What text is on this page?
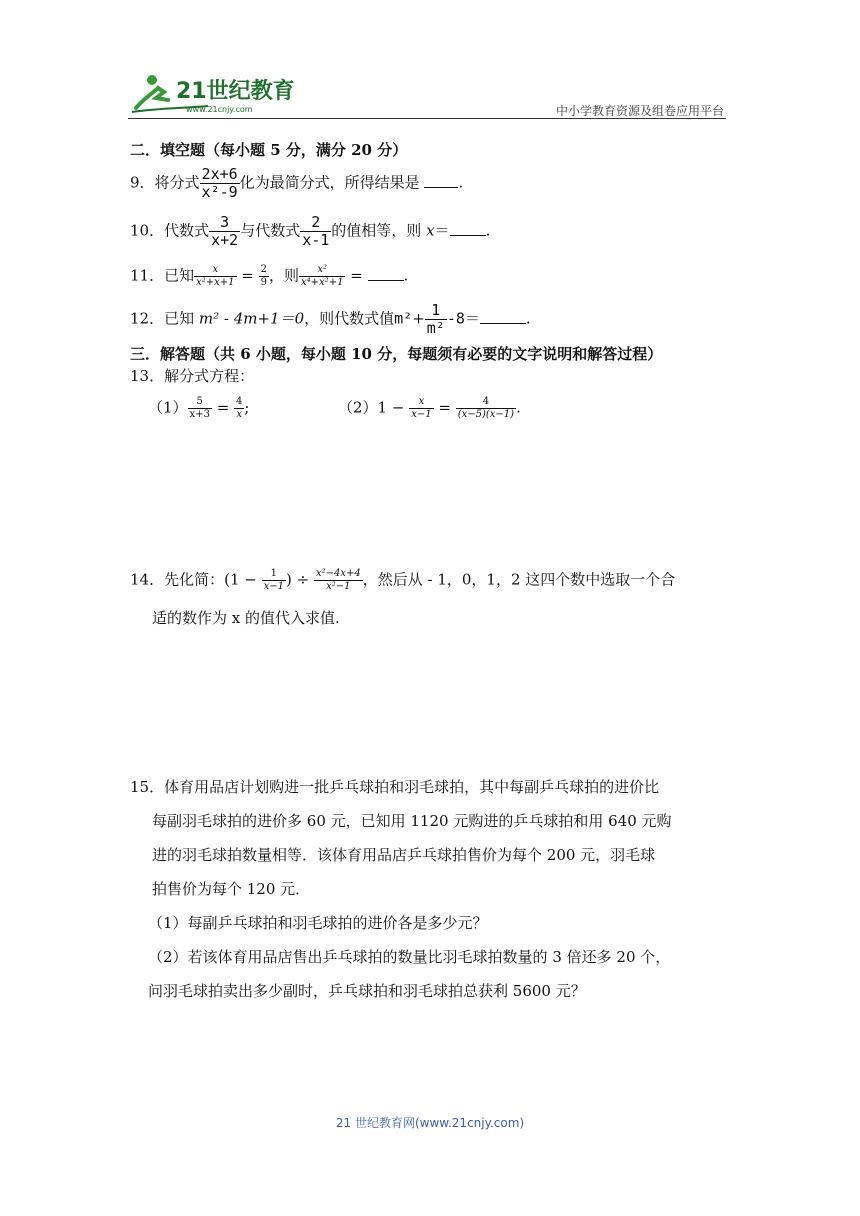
21世纪教育
www.21cnjy.com	中小学教育资源及组卷应用平台
二．填空题（每小题 5 分，满分 20 分）
9．将分式 $\frac{2x+6}{\text{x²-9}}$ 化为最简分式，所得结果是 .
10．代数式 $\frac{3}{x+2}$ 与代数式 $\frac{2}{x-1}$ 的值相等，则 x＝ .
11．已知 $\frac{x}{\text{x²+x+1}} = \frac{2}{9}$ ，则 $\frac{\text{x²}}{\text{x⁴+x²+1}}$ = .
12．已知 m² - 4m+1＝0，则代数式值$m^2+ \frac{1}{\text{m²}} -8=$	.
三．解答题（共 6 小题，每小题 10 分，每题须有必要的文字说明和解答过程）
13．解分式方程：
$(1) \frac{5}{x+3} = \frac{4}{x}$ ;	$(2)1 - \frac{x}{x-1} = \frac{4}{(x-5)(x-1)}$ .
14．先化简：($1 - \frac{1}{x-1}$ ) ÷ $\frac{\text{x²−4x+4}}{\text{x²−1}}$ ，然后从 - 1，0，1，2 这四个数中选取一个合
适的数作为 x 的值代入求值.
15．体育用品店计划购进一批乒乓球拍和羽毛球拍，其中每副乒乓球拍的进价比
每副羽毛球拍的进价多 60 元，已知用 1120 元购进的乒乓球拍和用 640 元购
进的羽毛球拍数量相等．该体育用品店乒乓球拍售价为每个 200 元，羽毛球
拍售价为每个 120 元．
（1）每副乒乓球拍和羽毛球拍的进价各是多少元？
（2）若该体育用品店售出乒乓球拍的数量比羽毛球拍数量的 3 倍还多 20 个，
问羽毛球拍卖出多少副时，乒乓球拍和羽毛球拍总获利 5600 元？
21 世纪教育网(www.21cnjy.com)
